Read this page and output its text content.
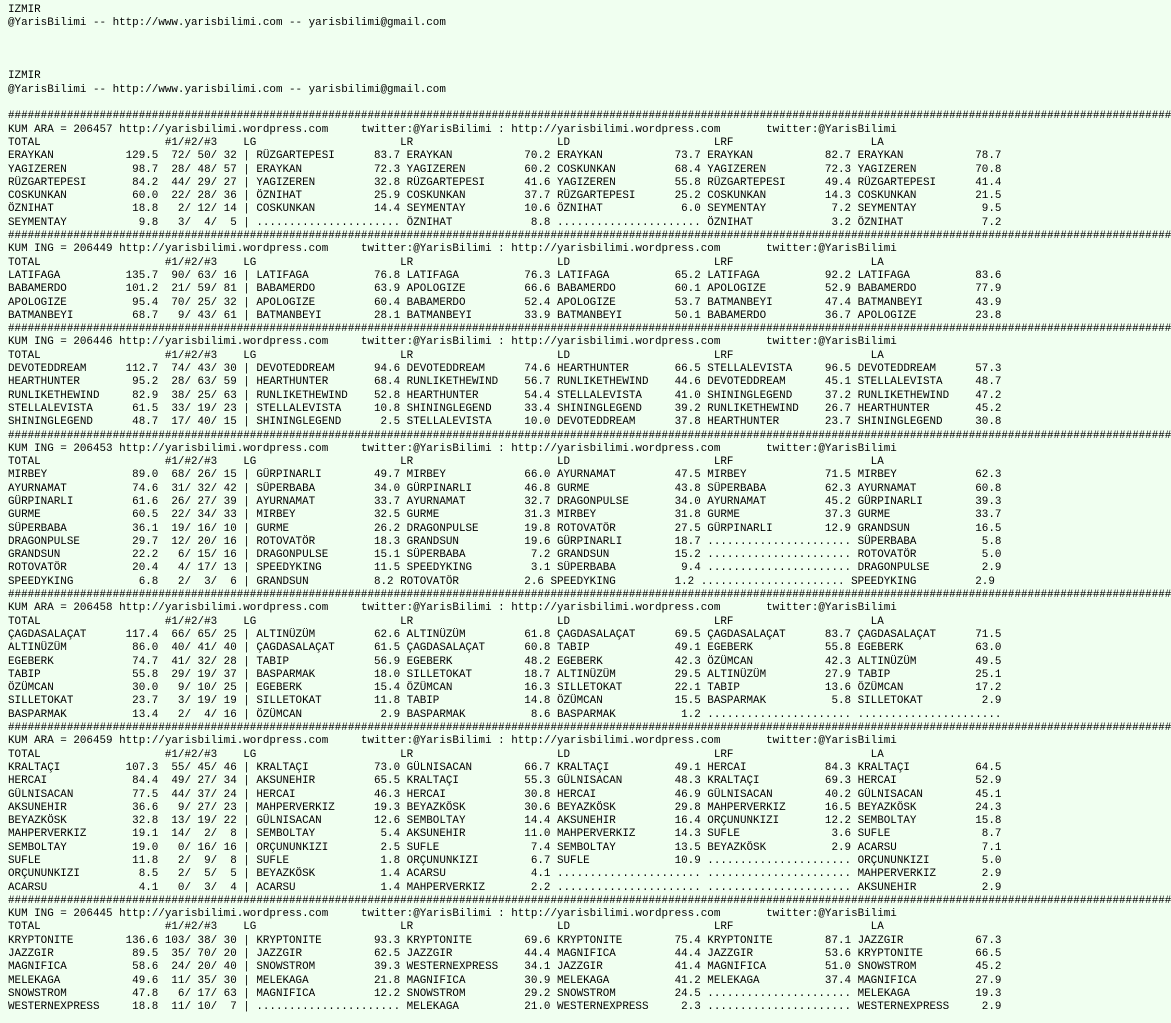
IZMIR
@YarisBilimi -- http://www.yarisbilimi.com -- yarisbilimi@gmail.com
IZMIR
@YarisBilimi -- http://www.yarisbilimi.com -- yarisbilimi@gmail.com
##################################################################################################################################################################################
KUM ARA = 206457 http://yarisbilimi.wordpress.com     twitter:@YarisBilimi : http://yarisbilimi.wordpress.com       twitter:@YarisBilimi
TOTAL                   #1/#2/#3    LG                      LR                      LD                      LRF                     LA
ERAYKAN           129.5  72/ 50/ 32 | RÜZGARTEPESI      83.7 ERAYKAN           70.2 ERAYKAN           73.7 ERAYKAN           82.7 ERAYKAN           78.7
YAGIZEREN          98.7  28/ 48/ 57 | ERAYKAN           72.3 YAGIZEREN         60.2 COSKUNKAN         68.4 YAGIZEREN         72.3 YAGIZEREN         70.8
RÜZGARTEPESI       84.2  44/ 29/ 27 | YAGIZEREN         32.8 RÜZGARTEPESI      41.6 YAGIZEREN         55.8 RÜZGARTEPESI      49.4 RÜZGARTEPESI      41.4
COSKUNKAN          60.0  22/ 28/ 36 | ÖZNIHAT           25.9 COSKUNKAN         37.7 RÜZGARTEPESI      25.2 COSKUNKAN         14.3 COSKUNKAN         21.5
ÖZNIHAT            18.8   2/ 12/ 14 | COSKUNKAN         14.4 SEYMENTAY         10.6 ÖZNIHAT            6.0 SEYMENTAY          7.2 SEYMENTAY          9.5
SEYMENTAY           9.8   3/  4/  5 | ...................... ÖZNIHAT            8.8 ...................... ÖZNIHAT            3.2 ÖZNIHAT            7.2
##################################################################################################################################################################################
KUM ING = 206449 http://yarisbilimi.wordpress.com     twitter:@YarisBilimi : http://yarisbilimi.wordpress.com       twitter:@YarisBilimi
TOTAL                   #1/#2/#3    LG                      LR                      LD                      LRF                     LA
LATIFAGA          135.7  90/ 63/ 16 | LATIFAGA          76.8 LATIFAGA          76.3 LATIFAGA          65.2 LATIFAGA          92.2 LATIFAGA          83.6
BABAMERDO         101.2  21/ 59/ 81 | BABAMERDO         63.9 APOLOGIZE         66.6 BABAMERDO         60.1 APOLOGIZE         52.9 BABAMERDO         77.9
APOLOGIZE          95.4  70/ 25/ 32 | APOLOGIZE         60.4 BABAMERDO         52.4 APOLOGIZE         53.7 BATMANBEYI        47.4 BATMANBEYI        43.9
BATMANBEYI         68.7   9/ 43/ 61 | BATMANBEYI        28.1 BATMANBEYI        33.9 BATMANBEYI        50.1 BABAMERDO         36.7 APOLOGIZE         23.8
##################################################################################################################################################################################
KUM ING = 206446 http://yarisbilimi.wordpress.com     twitter:@YarisBilimi : http://yarisbilimi.wordpress.com       twitter:@YarisBilimi
TOTAL                   #1/#2/#3    LG                      LR                      LD                      LRF                     LA
DEVOTEDDREAM      112.7  74/ 43/ 30 | DEVOTEDDREAM      94.6 DEVOTEDDREAM      74.6 HEARTHUNTER       66.5 STELLALEVISTA     96.5 DEVOTEDDREAM      57.3
HEARTHUNTER        95.2  28/ 63/ 59 | HEARTHUNTER       68.4 RUNLIKETHEWIND    56.7 RUNLIKETHEWIND    44.6 DEVOTEDDREAM      45.1 STELLALEVISTA     48.7
RUNLIKETHEWIND     82.9  38/ 25/ 63 | RUNLIKETHEWIND    52.8 HEARTHUNTER       54.4 STELLALEVISTA     41.0 SHININGLEGEND     37.2 RUNLIKETHEWIND    47.2
STELLALEVISTA      61.5  33/ 19/ 23 | STELLALEVISTA     10.8 SHININGLEGEND     33.4 SHININGLEGEND     39.2 RUNLIKETHEWIND    26.7 HEARTHUNTER       45.2
SHININGLEGEND      48.7  17/ 40/ 15 | SHININGLEGEND      2.5 STELLALEVISTA     10.0 DEVOTEDDREAM      37.8 HEARTHUNTER       23.7 SHININGLEGEND     30.8
##################################################################################################################################################################################
KUM ING = 206453 http://yarisbilimi.wordpress.com     twitter:@YarisBilimi : http://yarisbilimi.wordpress.com       twitter:@YarisBilimi
TOTAL                   #1/#2/#3    LG                      LR                      LD                      LRF                     LA
MIRBEY             89.0  68/ 26/ 15 | GÜRPINARLI        49.7 MIRBEY            66.0 AYURNAMAT         47.5 MIRBEY            71.5 MIRBEY            62.3
AYURNAMAT          74.6  31/ 32/ 42 | SÜPERBABA         34.0 GÜRPINARLI        46.8 GURME             43.8 SÜPERBABA         62.3 AYURNAMAT         60.8
GÜRPINARLI         61.6  26/ 27/ 39 | AYURNAMAT         33.7 AYURNAMAT         32.7 DRAGONPULSE       34.0 AYURNAMAT         45.2 GÜRPINARLI        39.3
GURME              60.5  22/ 34/ 33 | MIRBEY            32.5 GURME             31.3 MIRBEY            31.8 GURME             37.3 GURME             33.7
SÜPERBABA          36.1  19/ 16/ 10 | GURME             26.2 DRAGONPULSE       19.8 ROTOVATÖR         27.5 GÜRPINARLI        12.9 GRANDSUN          16.5
DRAGONPULSE        29.7  12/ 20/ 16 | ROTOVATÖR         18.3 GRANDSUN          19.6 GÜRPINARLI        18.7 ...................... SÜPERBABA          5.8
GRANDSUN           22.2   6/ 15/ 16 | DRAGONPULSE       15.1 SÜPERBABA          7.2 GRANDSUN          15.2 ...................... ROTOVATÖR          5.0
ROTOVATÖR          20.4   4/ 17/ 13 | SPEEDYKING        11.5 SPEEDYKING         3.1 SÜPERBABA          9.4 ...................... DRAGONPULSE        2.9
SPEEDYKING          6.8   2/  3/  6 | GRANDSUN          8.2 ROTOVATÖR          2.6 SPEEDYKING         1.2 ...................... SPEEDYKING         2.9
##################################################################################################################################################################################
KUM ARA = 206458 http://yarisbilimi.wordpress.com     twitter:@YarisBilimi : http://yarisbilimi.wordpress.com       twitter:@YarisBilimi
TOTAL                   #1/#2/#3    LG                      LR                      LD                      LRF                     LA
ÇAGDASALAÇAT      117.4  66/ 65/ 25 | ALTINÜZÜM         62.6 ALTINÜZÜM         61.8 ÇAGDASALAÇAT      69.5 ÇAGDASALAÇAT      83.7 ÇAGDASALAÇAT      71.5
ALTINÜZÜM          86.0  40/ 41/ 40 | ÇAGDASALAÇAT      61.5 ÇAGDASALAÇAT      60.8 TABIP             49.1 EGEBERK           55.8 EGEBERK           63.0
EGEBERK            74.7  41/ 32/ 28 | TABIP             56.9 EGEBERK           48.2 EGEBERK           42.3 ÖZÜMCAN           42.3 ALTINÜZÜM         49.5
TABIP              55.8  29/ 19/ 37 | BASPARMAK         18.0 SILLETOKAT        18.7 ALTINÜZÜM         29.5 ALTINÜZÜM         27.9 TABIP             25.1
ÖZÜMCAN            30.0   9/ 10/ 25 | EGEBERK           15.4 ÖZÜMCAN           16.3 SILLETOKAT        22.1 TABIP             13.6 ÖZÜMCAN           17.2
SILLETOKAT         23.7   3/ 19/ 19 | SILLETOKAT        11.8 TABIP             14.8 ÖZÜMCAN           15.5 BASPARMAK          5.8 SILLETOKAT         2.9
BASPARMAK          13.4   2/  4/ 16 | ÖZÜMCAN            2.9 BASPARMAK          8.6 BASPARMAK          1.2 ...................... ......................
##################################################################################################################################################################################
KUM ARA = 206459 http://yarisbilimi.wordpress.com     twitter:@YarisBilimi : http://yarisbilimi.wordpress.com       twitter:@YarisBilimi
TOTAL                   #1/#2/#3    LG                      LR                      LD                      LRF                     LA
KRALTAÇI          107.3  55/ 45/ 46 | KRALTAÇI          73.0 GÜLNISACAN        66.7 KRALTAÇI          49.1 HERCAI            84.3 KRALTAÇI          64.5
HERCAI             84.4  49/ 27/ 34 | AKSUNEHIR         65.5 KRALTAÇI          55.3 GÜLNISACAN        48.3 KRALTAÇI          69.3 HERCAI            52.9
GÜLNISACAN         77.5  44/ 37/ 24 | HERCAI            46.3 HERCAI            30.8 HERCAI            46.9 GÜLNISACAN        40.2 GÜLNISACAN        45.1
AKSUNEHIR          36.6   9/ 27/ 23 | MAHPERVERKIZ      19.3 BEYAZKÖSK         30.6 BEYAZKÖSK         29.8 MAHPERVERKIZ      16.5 BEYAZKÖSK         24.3
BEYAZKÖSK          32.8  13/ 19/ 22 | GÜLNISACAN        12.6 SEMBOLTAY         14.4 AKSUNEHIR         16.4 ORÇUNUNKIZI       12.2 SEMBOLTAY         15.8
MAHPERVERKIZ       19.1  14/  2/  8 | SEMBOLTAY          5.4 AKSUNEHIR         11.0 MAHPERVERKIZ      14.3 SUFLE              3.6 SUFLE              8.7
SEMBOLTAY          19.0   0/ 16/ 16 | ORÇUNUNKIZI        2.5 SUFLE              7.4 SEMBOLTAY         13.5 BEYAZKÖSK          2.9 ACARSU             7.1
SUFLE              11.8   2/  9/  8 | SUFLE              1.8 ORÇUNUNKIZI        6.7 SUFLE             10.9 ...................... ORÇUNUNKIZI        5.0
ORÇUNUNKIZI         8.5   2/  5/  5 | BEYAZKÖSK          1.4 ACARSU             4.1 ...................... ...................... MAHPERVERKIZ       2.9
ACARSU              4.1   0/  3/  4 | ACARSU             1.4 MAHPERVERKIZ       2.2 ...................... ...................... AKSUNEHIR          2.9
##################################################################################################################################################################################
KUM ING = 206445 http://yarisbilimi.wordpress.com     twitter:@YarisBilimi : http://yarisbilimi.wordpress.com       twitter:@YarisBilimi
TOTAL                   #1/#2/#3    LG                      LR                      LD                      LRF                     LA
KRYPTONITE        136.6 103/ 38/ 30 | KRYPTONITE        93.3 KRYPTONITE        69.6 KRYPTONITE        75.4 KRYPTONITE        87.1 JAZZGIR           67.3
JAZZGIR            89.5  35/ 70/ 20 | JAZZGIR           62.5 JAZZGIR           44.4 MAGNIFICA         44.4 JAZZGIR           53.6 KRYPTONITE        66.5
MAGNIFICA          58.6  24/ 20/ 40 | SNOWSTROM         39.3 WESTERNEXPRESS    34.1 JAZZGIR           41.4 MAGNIFICA         51.0 SNOWSTROM         45.2
MELEKAGA           49.6  11/ 35/ 30 | MELEKAGA          21.8 MAGNIFICA         30.9 MELEKAGA          41.2 MELEKAGA          37.4 MAGNIFICA         27.9
SNOWSTROM          47.8   6/ 17/ 63 | MAGNIFICA         12.2 SNOWSTROM         29.2 SNOWSTROM         24.5 ...................... MELEKAGA          19.3
WESTERNEXPRESS     18.8  11/ 10/  7 | ...................... MELEKAGA          21.0 WESTERNEXPRESS     2.3 ...................... WESTERNEXPRESS     2.9
